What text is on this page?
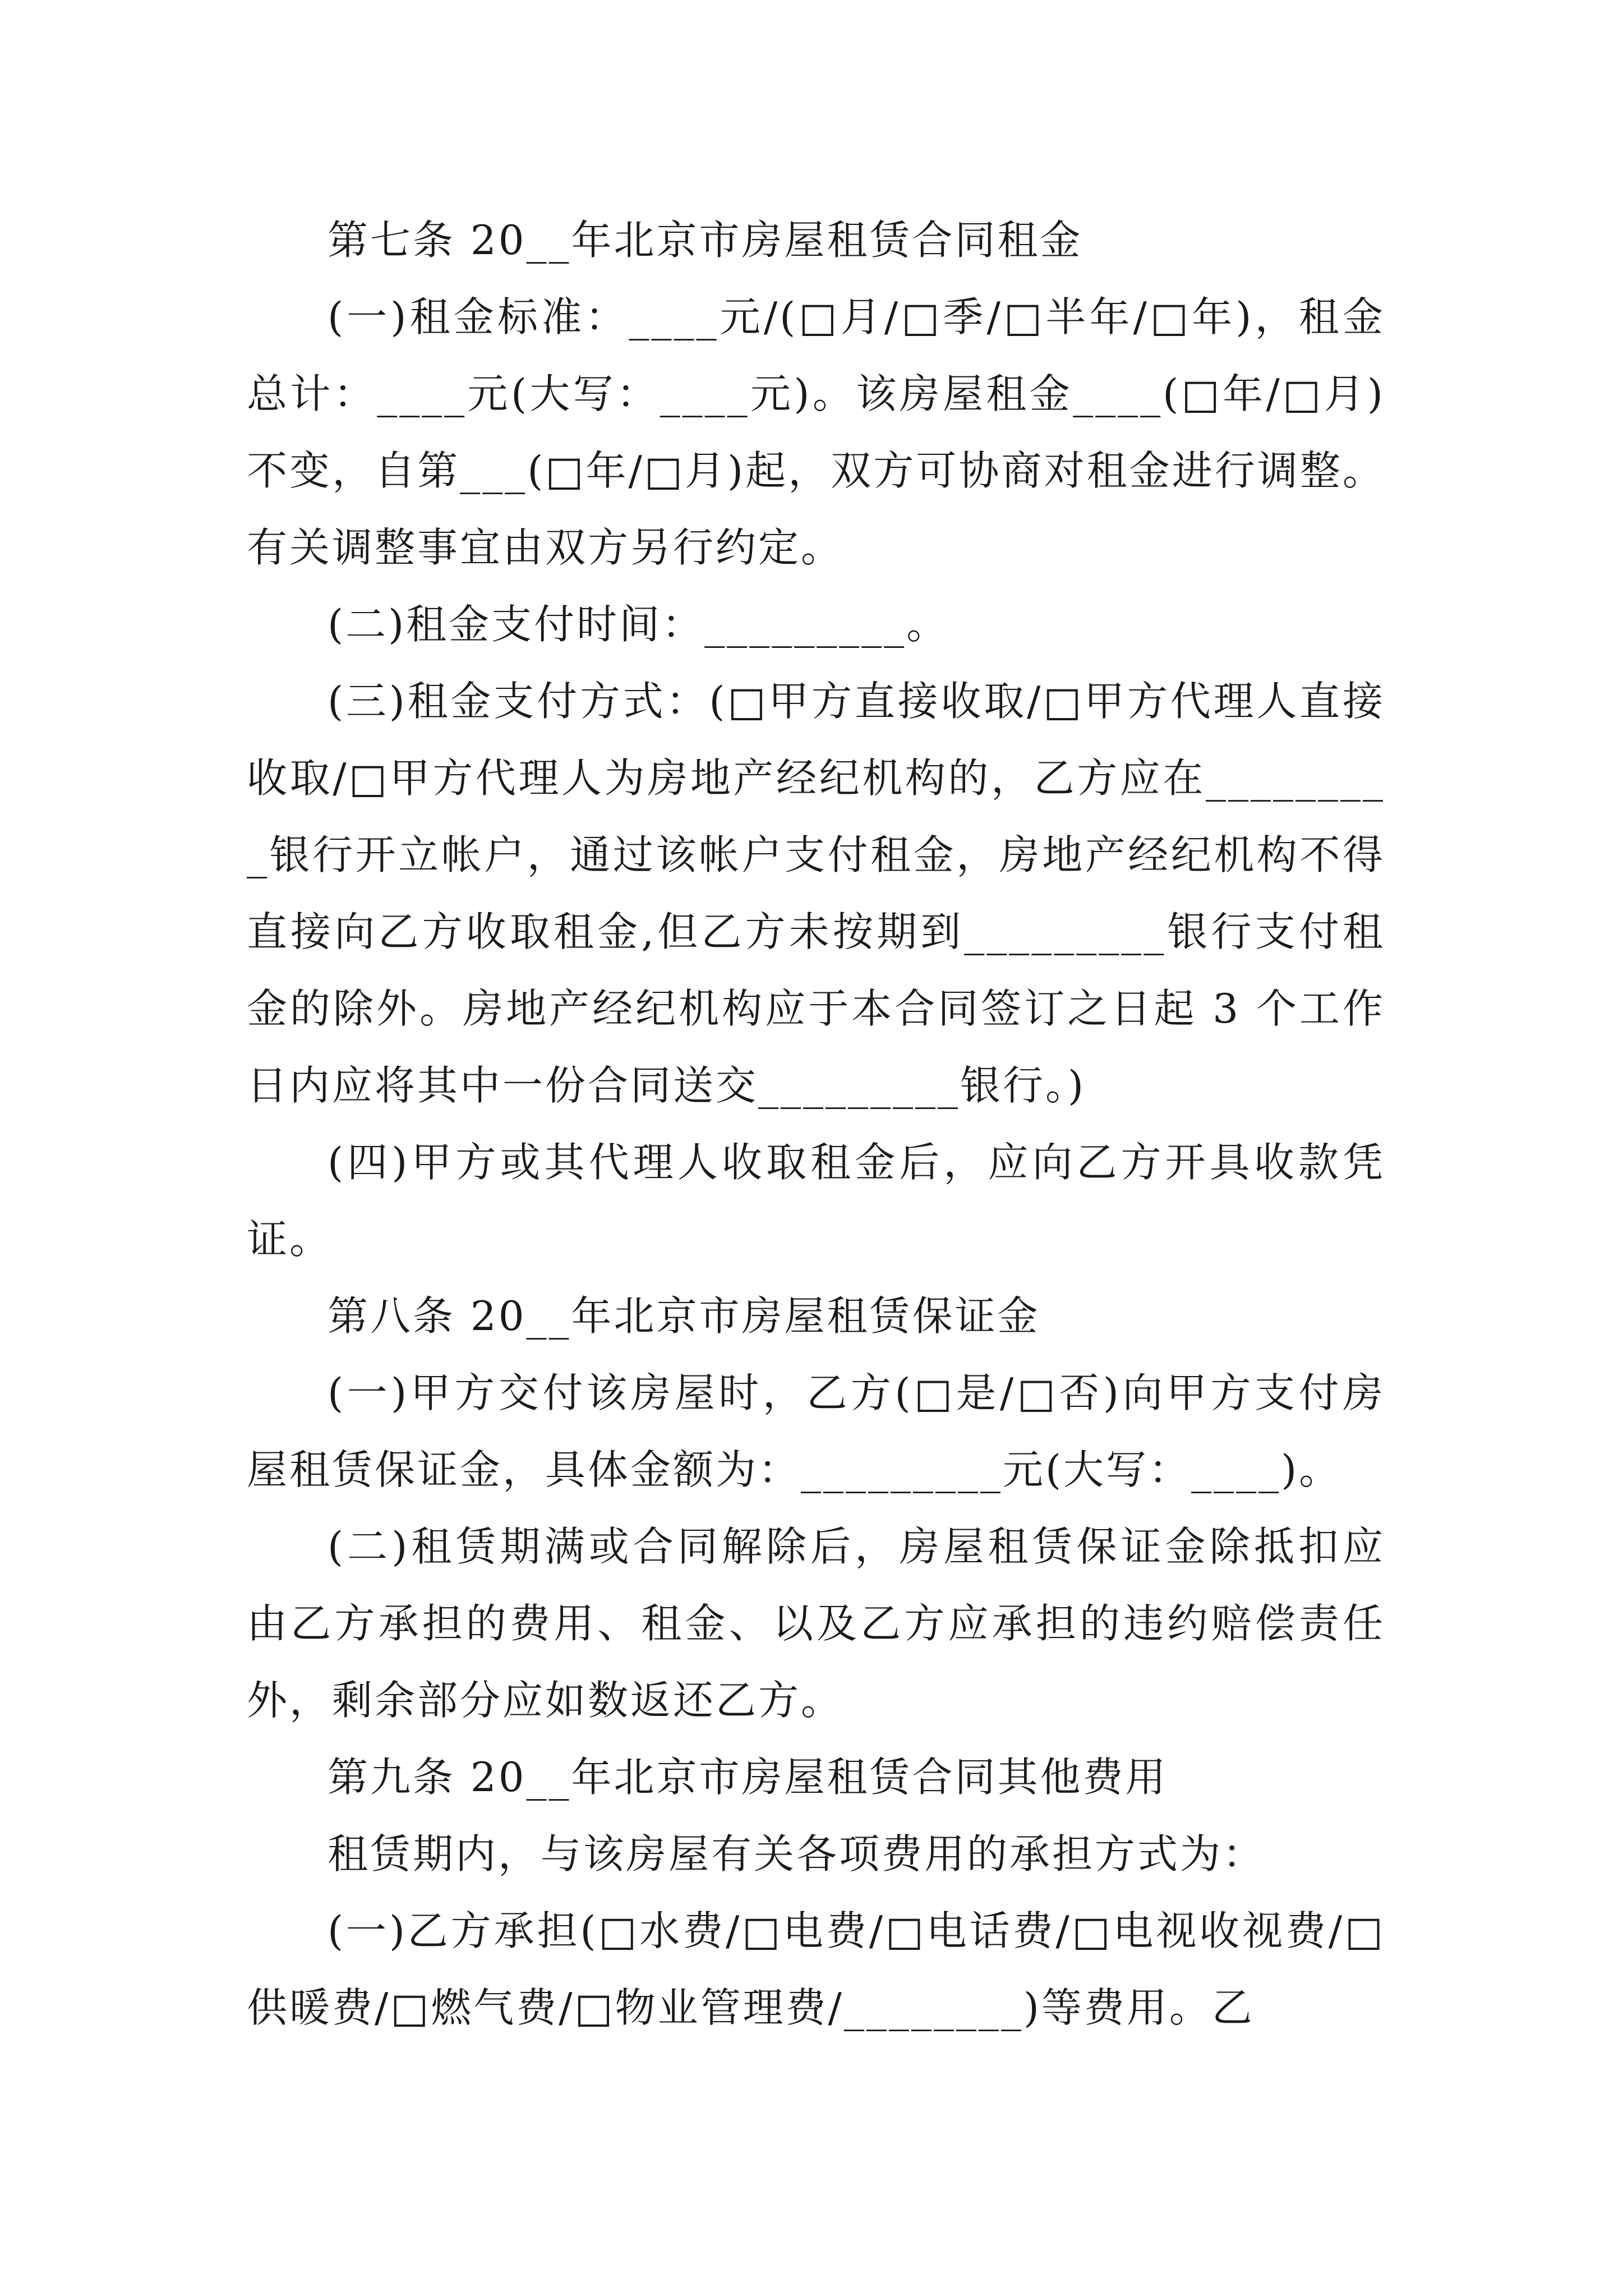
第七条 20__年北京市房屋租赁合同租金

(一)租金标准：____元/(□月/□季/□半年/□年)，租金总计：____元(大写：____元)。该房屋租金____(□年/□月)不变，自第___(□年/□月)起，双方可协商对租金进行调整。有关调整事宜由双方另行约定。

(二)租金支付时间：_________。

(三)租金支付方式：(□甲方直接收取/□甲方代理人直接收取/□甲方代理人为房地产经纪机构的，乙方应在_________银行开立帐户，通过该帐户支付租金，房地产经纪机构不得直接向乙方收取租金,但乙方未按期到_________银行支付租金的除外。房地产经纪机构应于本合同签订之日起 3 个工作日内应将其中一份合同送交_________银行。)

(四)甲方或其代理人收取租金后，应向乙方开具收款凭证。

第八条 20__年北京市房屋租赁保证金

(一)甲方交付该房屋时，乙方(□是/□否)向甲方支付房屋租赁保证金，具体金额为：_________元(大写：____)。

(二)租赁期满或合同解除后，房屋租赁保证金除抵扣应由乙方承担的费用、租金、以及乙方应承担的违约赔偿责任外，剩余部分应如数返还乙方。

第九条 20__年北京市房屋租赁合同其他费用

租赁期内，与该房屋有关各项费用的承担方式为：

(一)乙方承担(□水费/□电费/□电话费/□电视收视费/□供暖费/□燃气费/□物业管理费/________)等费用。乙
